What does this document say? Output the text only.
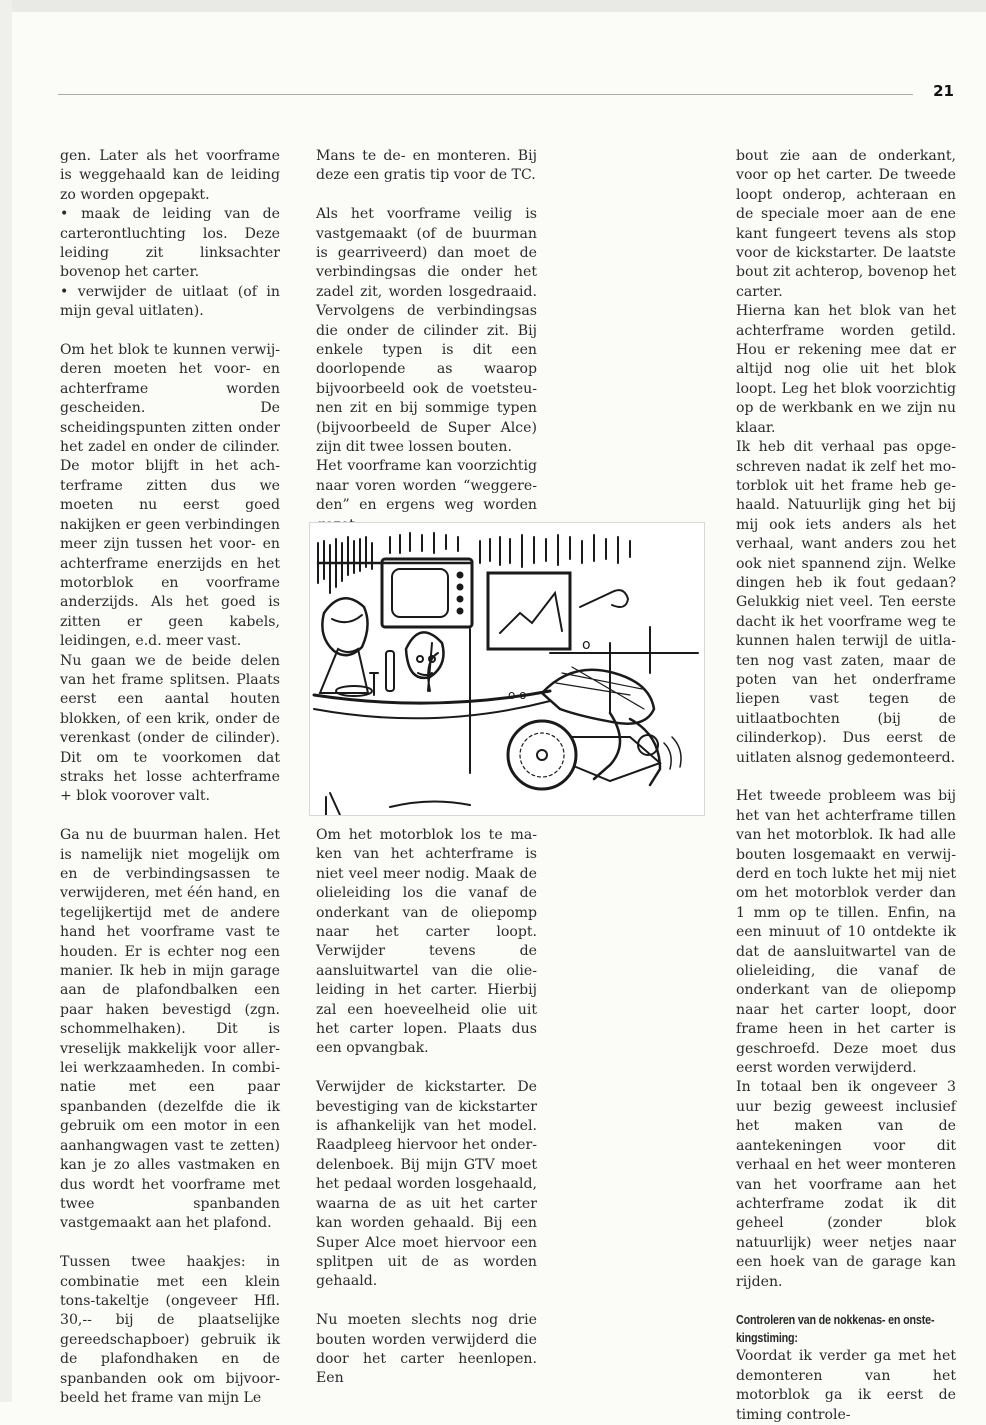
21

gen. Later als het voorframe is weggehaald kan de leiding zo worden opgepakt.

• maak de leiding van de carterontluchting los. Deze leiding zit linksachter bovenop het carter.

• verwijder de uitlaat (of in mijn geval uitlaten).

Om het blok te kunnen verwijderen moeten het voor- en achterframe worden gescheiden. De scheidingspunten zitten onder het zadel en onder de cilinder. De motor blijft in het achterframe zitten dus we moeten nu eerst goed nakijken er geen verbindingen meer zijn tussen het voor- en achterframe enerzijds en het motorblok en voorframe anderzijds. Als het goed is zitten er geen kabels, leidingen, e.d. meer vast.

Nu gaan we de beide delen van het frame splitsen. Plaats eerst een aantal houten blokken, of een krik, onder de verenkast (onder de cilinder). Dit om te voorkomen dat straks het losse achterframe + blok voorover valt.

Ga nu de buurman halen. Het is namelijk niet mogelijk om en de verbindingsassen te verwijderen, met één hand, en tegelijkertijd met de andere hand het voorframe vast te houden. Er is echter nog een manier. Ik heb in mijn garage aan de plafondbalken een paar haken bevestigd (zgn. schommelhaken). Dit is vreselijk makkelijk voor allerlei werkzaamheden. In combinatie met een paar spanbanden (dezelfde die ik gebruik om een motor in een aanhangwagen vast te zetten) kan je zo alles vastmaken en dus wordt het voorframe met twee spanbanden vastgemaakt aan het plafond.

Tussen twee haakjes: in combinatie met een klein tons-takeltje (ongeveer Hfl. 30,-- bij de plaatselijke gereedschapboer) gebruik ik de plafondhaken en de spanbanden ook om bijvoorbeeld het frame van mijn Le

Mans te de- en monteren. Bij deze een gratis tip voor de TC.

Als het voorframe veilig is vastgemaakt (of de buurman is gearriveerd) dan moet de verbindingsas die onder het zadel zit, worden losgedraaid. Vervolgens de verbindingsas die onder de cilinder zit. Bij enkele typen is dit een doorlopende as waarop bijvoorbeeld ook de voetsteunen zit en bij sommige typen (bijvoorbeeld de Super Alce) zijn dit twee lossen bouten.

Het voorframe kan voorzichtig naar voren worden “weggereden” en ergens weg worden

o
o o

Om het motorblok los te maken van het achterframe is niet veel meer nodig. Maak de olieleiding los die vanaf de onderkant van de oliepomp naar het carter loopt. Verwijder tevens de aansluitwartel van die olieleiding in het carter. Hierbij zal een hoeveelheid olie uit het carter lopen. Plaats dus een opvangbak.

Verwijder de kickstarter. De bevestiging van de kickstarter is afhankelijk van het model. Raadpleeg hiervoor het onderdelenboek. Bij mijn GTV moet het pedaal worden losgehaald, waarna de as uit het carter kan worden gehaald. Bij een Super Alce moet hiervoor een splitpen uit de as worden gehaald.

Nu moeten slechts nog drie bouten worden verwijderd die door het carter heenlopen. Een

bout zie aan de onderkant, voor op het carter. De tweede loopt onderop, achteraan en de speciale moer aan de ene kant fungeert tevens als stop voor de kickstarter. De laatste bout zit achterop, bovenop het carter.

Hierna kan het blok van het achterframe worden getild. Hou er rekening mee dat er altijd nog olie uit het blok loopt. Leg het blok voorzichtig op de werkbank en we zijn nu klaar.

Ik heb dit verhaal pas opgeschreven nadat ik zelf het motorblok uit het frame heb gehaald. Natuurlijk ging het bij mij ook iets anders als het verhaal, want anders zou het ook niet spannend zijn. Welke dingen heb ik fout gedaan? Gelukkig niet veel. Ten eerste dacht ik het voorframe weg te kunnen halen terwijl de uitlaten nog vast zaten, maar de poten van het onderframe liepen vast tegen de uitlaatbochten (bij de cilinderkop). Dus eerst de uitlaten alsnog gedemonteerd.

Het tweede probleem was bij het van het achterframe tillen van het motorblok. Ik had alle bouten losgemaakt en verwijderd en toch lukte het mij niet om het motorblok verder dan 1 mm op te tillen. Enfin, na een minuut of 10 ontdekte ik dat de aansluitwartel van de olieleiding, die vanaf de onderkant van de oliepomp naar het carter loopt, door frame heen in het carter is geschroefd. Deze moet dus eerst worden verwijderd.

In totaal ben ik ongeveer 3 uur bezig geweest inclusief het maken van de aantekeningen voor dit verhaal en het weer monteren van het voorframe aan het achterframe zodat ik dit geheel (zonder blok natuurlijk) weer netjes naar een hoek van de garage kan rijden.

Controleren van de nokkenas- en onstekingstiming:

Voordat ik verder ga met het demonteren van het motorblok ga ik eerst de timing controle-
